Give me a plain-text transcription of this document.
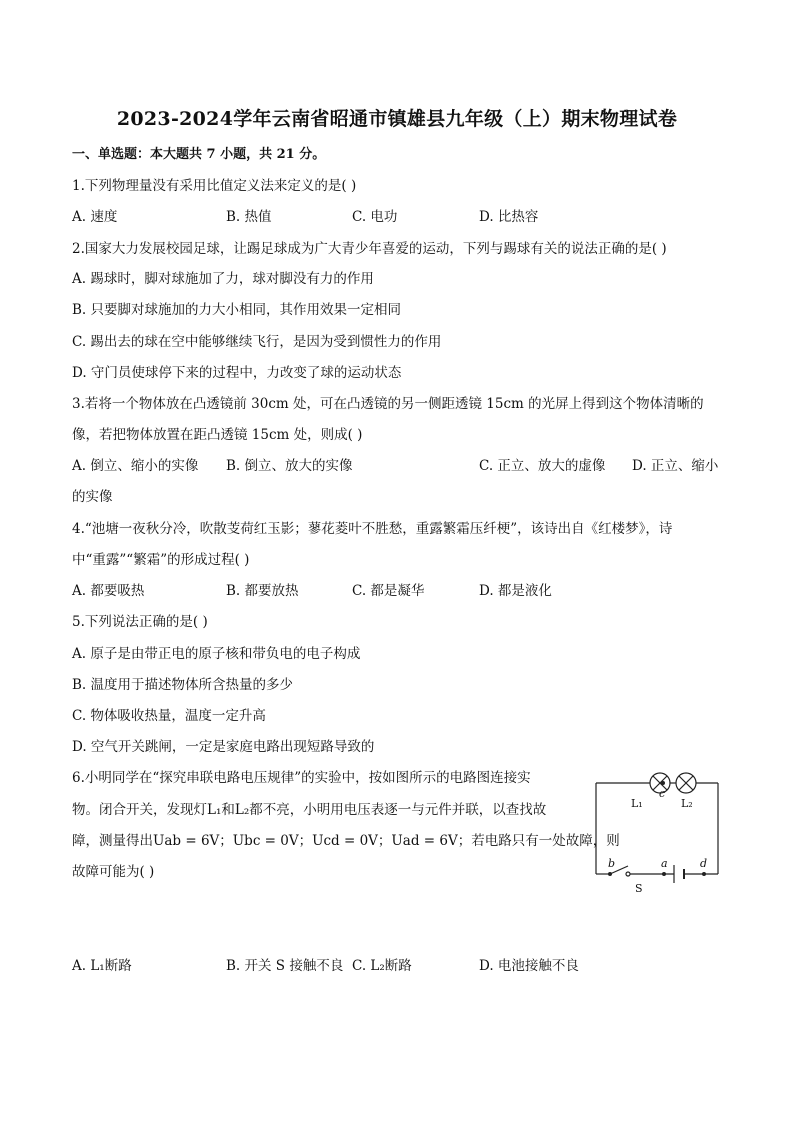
2023-2024学年云南省昭通市镇雄县九年级（上）期末物理试卷
一、单选题：本大题共 7 小题，共 21 分。
1.下列物理量没有采用比值定义法来定义的是( )
A. 速度	B. 热值	C. 电功	D. 比热容
2.国家大力发展校园足球，让踢足球成为广大青少年喜爱的运动，下列与踢球有关的说法正确的是( )
A. 踢球时，脚对球施加了力，球对脚没有力的作用
B. 只要脚对球施加的力大小相同，其作用效果一定相同
C. 踢出去的球在空中能够继续飞行，是因为受到惯性力的作用
D. 守门员使球停下来的过程中，力改变了球的运动状态
3.若将一个物体放在凸透镜前 30cm 处，可在凸透镜的另一侧距透镜 15cm 的光屏上得到这个物体清晰的
像，若把物体放置在距凸透镜 15cm 处，则成( )
A. 倒立、缩小的实像 B. 倒立、放大的实像	C. 正立、放大的虚像 D. 正立、缩小
的实像
4.“池塘一夜秋分冷，吹散芰荷红玉影；蓼花菱叶不胜愁，重露繁霜压纤梗”，该诗出自《红楼梦》，诗
中“重露”“繁霜”的形成过程( )
A. 都要吸热	B. 都要放热	C. 都是凝华	D. 都是液化
5.下列说法正确的是( )
A. 原子是由带正电的原子核和带负电的电子构成
B. 温度用于描述物体所含热量的多少
C. 物体吸收热量，温度一定升高
D. 空气开关跳闸，一定是家庭电路出现短路导致的
6.小明同学在“探究串联电路电压规律”的实验中，按如图所示的电路图连接实
物。闭合开关，发现灯L₁和L₂都不亮，小明用电压表逐一与元件并联，以查找故
障，测量得出Uab = 6V；Ubc = 0V；Ucd = 0V；Uad = 6V；若电路只有一处故障，则
故障可能为( )
A. L₁断路	B. 开关 S 接触不良 C. L₂断路	D. 电池接触不良
c
L₁	L₂
b	a	d
S
